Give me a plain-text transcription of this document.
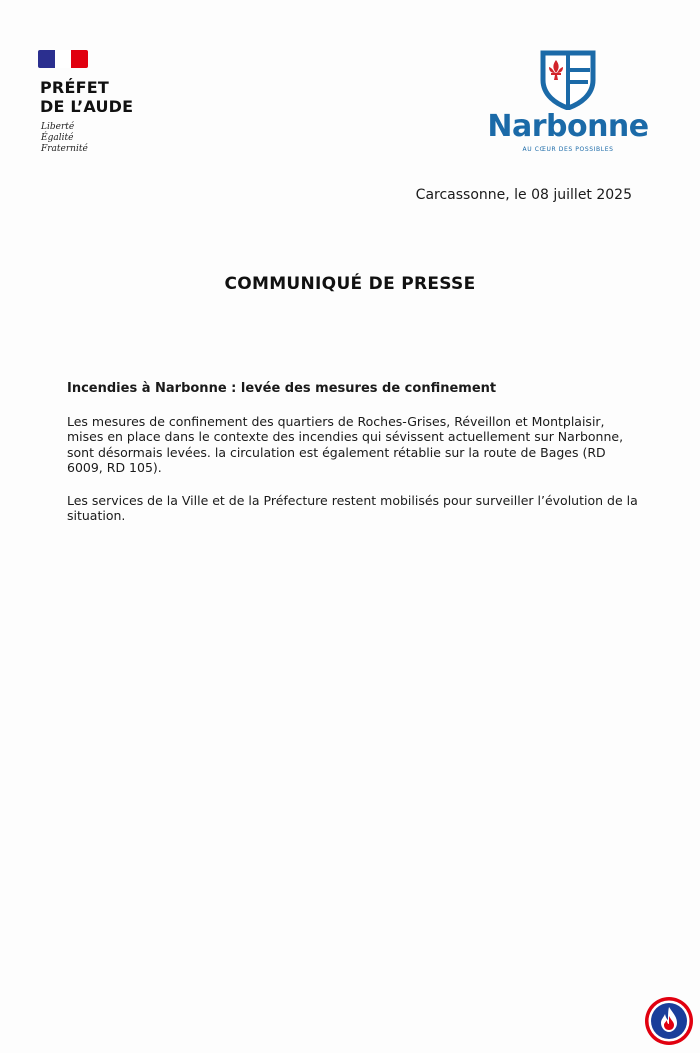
PRÉFET
DE L’AUDE
Liberté
Égalité
Fraternité
Narbonne
AU CŒUR DES POSSIBLES
Carcassonne, le 08 juillet 2025
COMMUNIQUÉ DE PRESSE
Incendies à Narbonne : levée des mesures de confinement

Les mesures de confinement des quartiers de Roches-Grises, Réveillon et Montplaisir, mises en place dans le contexte des incendies qui sévissent actuellement sur Narbonne, sont désormais levées. la circulation est également rétablie sur la route de Bages (RD 6009, RD 105).

Les services de la Ville et de la Préfecture restent mobilisés pour surveiller l’évolution de la situation.
